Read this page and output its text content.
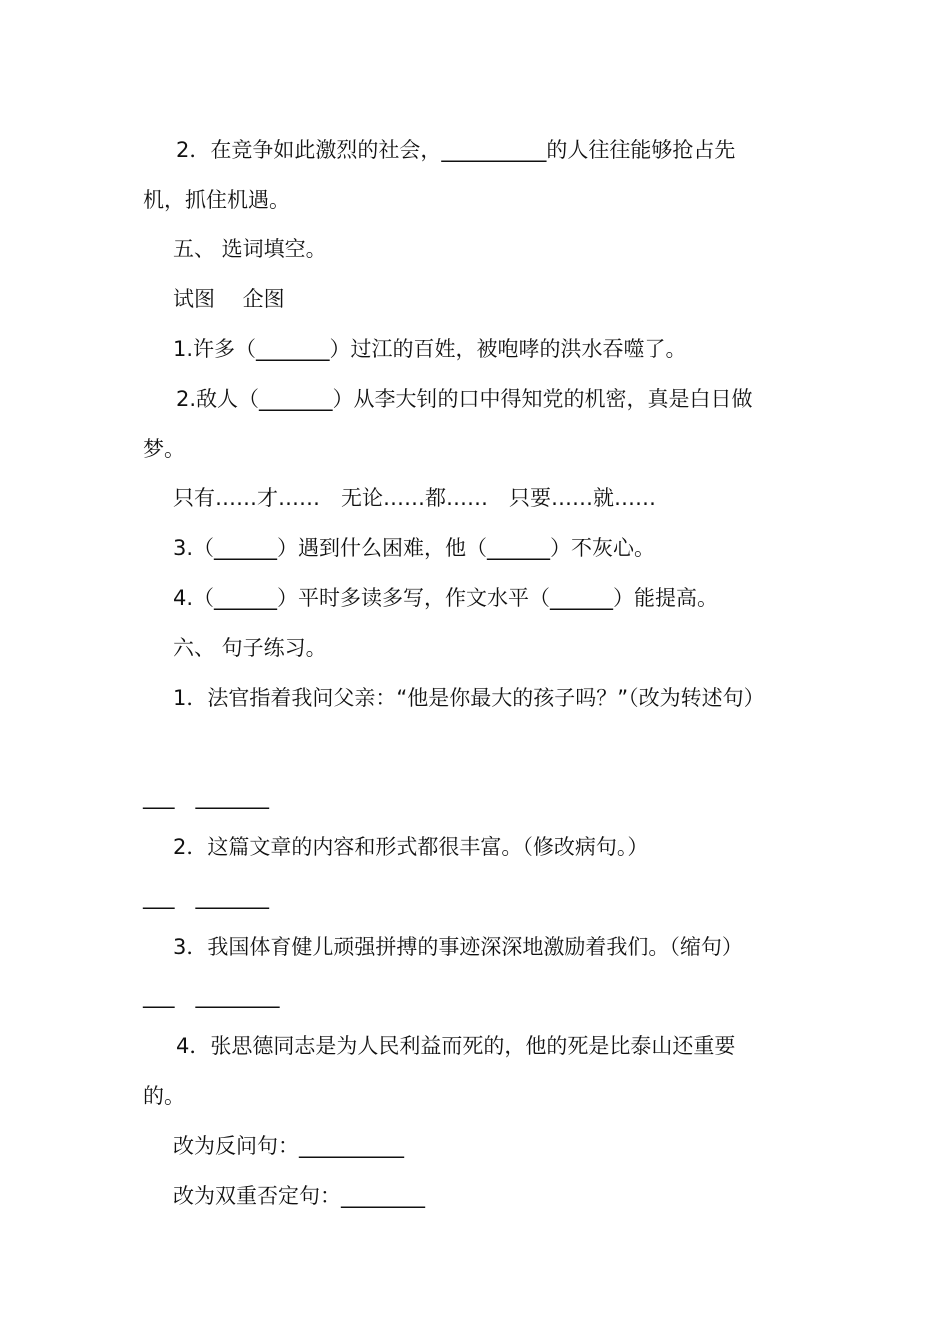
2．在竞争如此激烈的社会，__________的人往往能够抢占先
机，抓住机遇。
五、 选词填空。
试图　 企图
1.许多（_______）过江的百姓，被咆哮的洪水吞噬了。
2.敌人（_______）从李大钊的口中得知党的机密，真是白日做
梦。
只有……才……　无论……都……　只要……就……
3.（______）遇到什么困难，他（______）不灰心。
4.（______）平时多读多写，作文水平（______）能提高。
六、 句子练习。
1．法官指着我问父亲：“他是你最大的孩子吗？”（改为转述句）
___　_______
2．这篇文章的内容和形式都很丰富。（修改病句。）
___　_______
3．我国体育健儿顽强拼搏的事迹深深地激励着我们。（缩句）
___　________
4．张思德同志是为人民利益而死的，他的死是比泰山还重要
的。
改为反问句：__________
改为双重否定句：________
